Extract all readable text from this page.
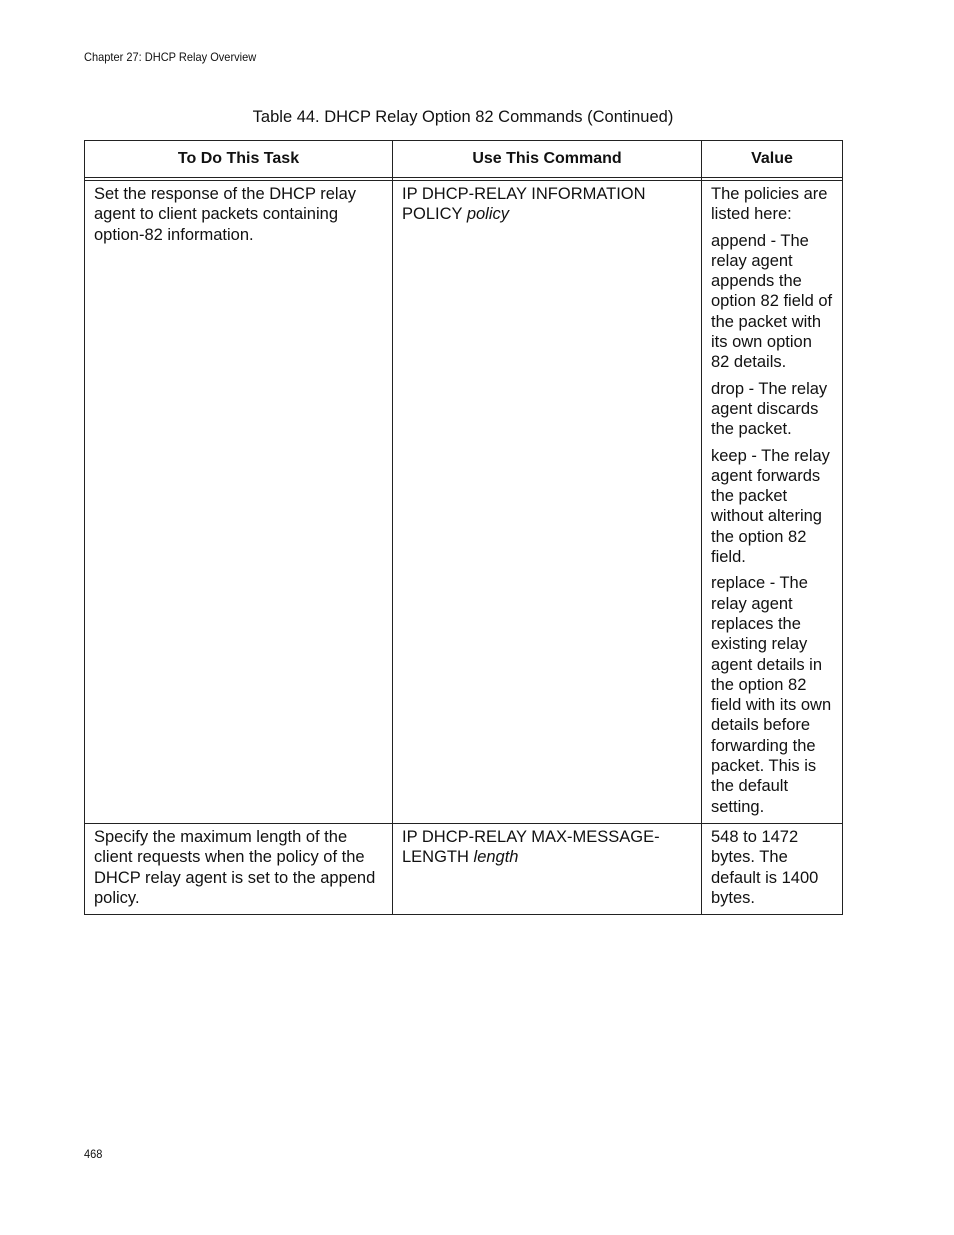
Chapter 27: DHCP Relay Overview
Table 44. DHCP Relay Option 82 Commands (Continued)
To Do This Task	Use This Command	Value

Set the response of the DHCP relay agent to client packets containing option-82 information.	IP DHCP-RELAY INFORMATION POLICY policy	The policies are listed here:

append - The relay agent appends the option 82 field of the packet with its own option 82 details.

drop - The relay agent discards the packet.

keep - The relay agent forwards the packet without altering the option 82 field.

replace - The relay agent replaces the existing relay agent details in the option 82 field with its own details before forwarding the packet. This is the default setting.

Specify the maximum length of the client requests when the policy of the DHCP relay agent is set to the append policy.	IP DHCP-RELAY MAX-MESSAGE-LENGTH length	548 to 1472 bytes. The default is 1400 bytes.

468
